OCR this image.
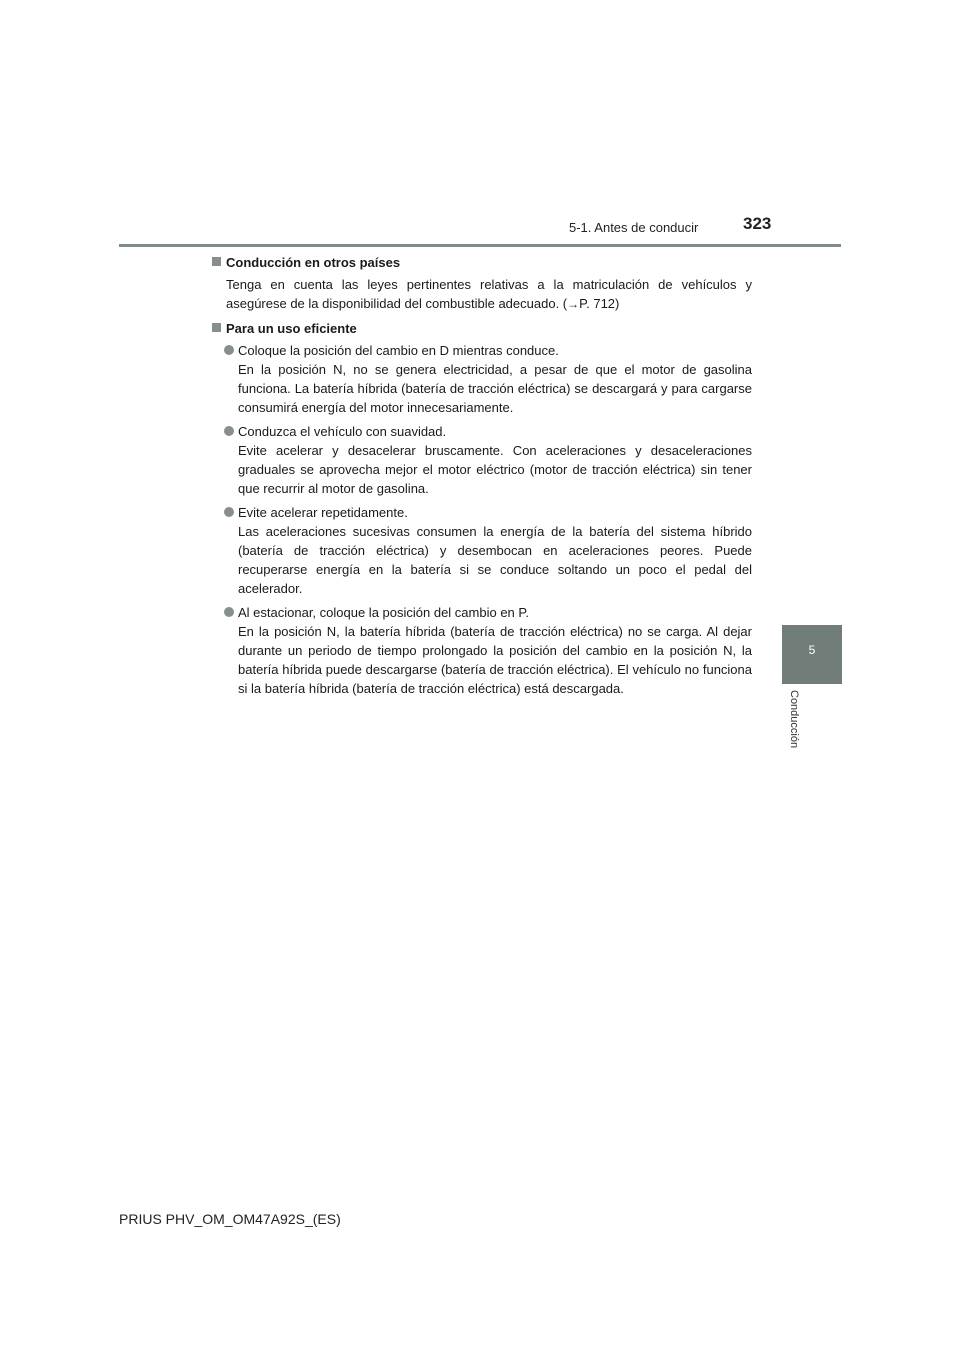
5-1. Antes de conducir	323
5
Conducción
Conducción en otros países
Tenga en cuenta las leyes pertinentes relativas a la matriculación de vehículos y asegúrese de la disponibilidad del combustible adecuado. (→P. 712)
Para un uso eficiente
Coloque la posición del cambio en D mientras conduce.
En la posición N, no se genera electricidad, a pesar de que el motor de gasolina funciona. La batería híbrida (batería de tracción eléctrica) se descargará y para cargarse consumirá energía del motor innecesariamente.
Conduzca el vehículo con suavidad.
Evite acelerar y desacelerar bruscamente. Con aceleraciones y desaceleraciones graduales se aprovecha mejor el motor eléctrico (motor de tracción eléctrica) sin tener que recurrir al motor de gasolina.
Evite acelerar repetidamente.
Las aceleraciones sucesivas consumen la energía de la batería del sistema híbrido (batería de tracción eléctrica) y desembocan en aceleraciones peores. Puede recuperarse energía en la batería si se conduce soltando un poco el pedal del acelerador.
Al estacionar, coloque la posición del cambio en P.
En la posición N, la batería híbrida (batería de tracción eléctrica) no se carga. Al dejar durante un periodo de tiempo prolongado la posición del cambio en la posición N, la batería híbrida puede descargarse (batería de tracción eléctrica). El vehículo no funciona si la batería híbrida (batería de tracción eléctrica) está descargada.
PRIUS PHV_OM_OM47A92S_(ES)
